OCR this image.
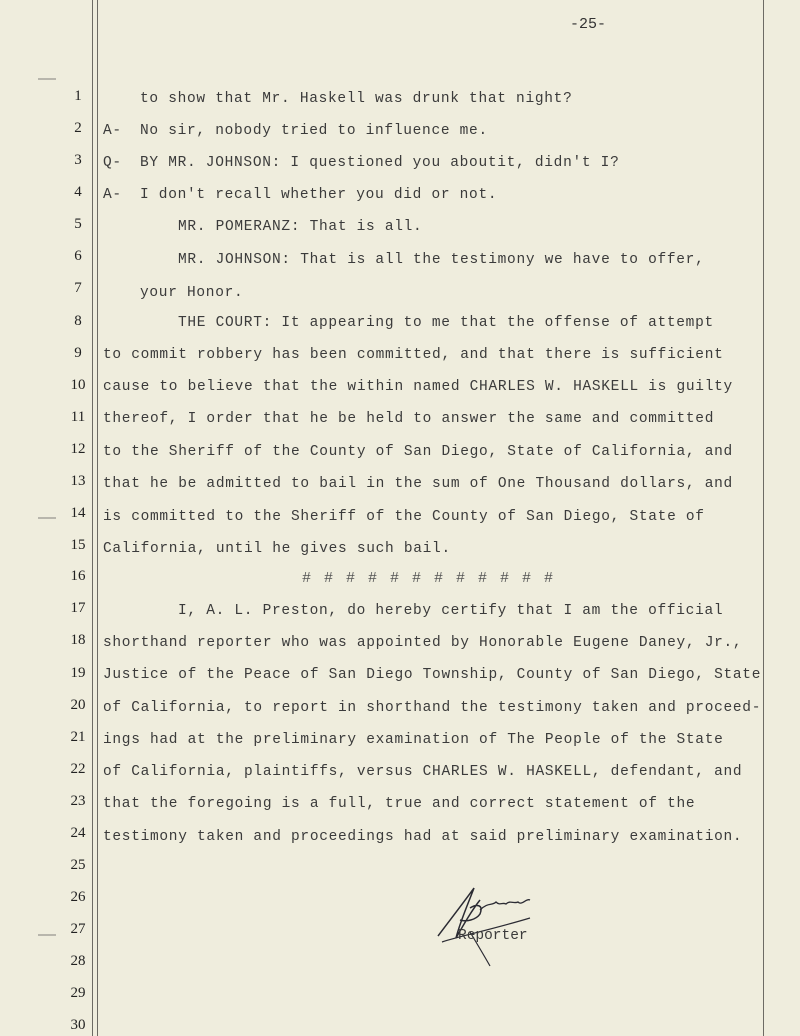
-25-
1
2
3
4
5
6
7
8
9
10
11
12
13
14
15
16
17
18
19
20
21
22
23
24
25
26
27
28
29
30
A-
Q-
A-
to show that Mr. Haskell was drunk that night?
No sir, nobody tried to influence me.
BY MR. JOHNSON: I questioned you aboutit, didn't I?
I don't recall whether you did or not.
MR. POMERANZ: That is all.
MR. JOHNSON: That is all the testimony we have to offer,
your Honor.
THE COURT: It appearing to me that the offense of attempt
to commit robbery has been committed, and that there is sufficient
cause to believe that the within named CHARLES W. HASKELL is guilty
thereof, I order that he be held to answer the same and committed
to the Sheriff of the County of San Diego, State of California, and
that he be admitted to bail in the sum of One Thousand dollars, and
is committed to the Sheriff of the County of San Diego, State of
California, until he gives such bail.
# # # # # # # # # # # #
I, A. L. Preston, do hereby certify that I am the official
shorthand reporter who was appointed by Honorable Eugene Daney, Jr.,
Justice of the Peace of San Diego Township, County of San Diego, State
of California, to report in shorthand the testimony taken and proceed-
ings had at the preliminary examination of The People of the State
of California, plaintiffs, versus CHARLES W. HASKELL, defendant, and
that the foregoing is a full, true and correct statement of the
testimony taken and proceedings had at said preliminary examination.
Reporter
